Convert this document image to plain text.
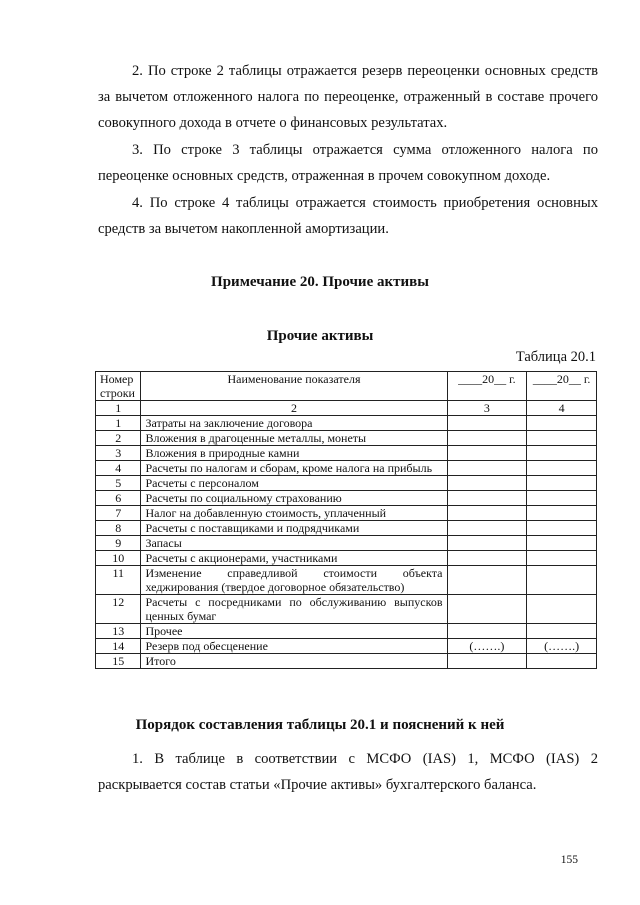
2. По строке 2 таблицы отражается резерв переоценки основных средств за вычетом отложенного налога по переоценке, отраженный в составе прочего совокупного дохода в отчете о финансовых результатах.

3. По строке 3 таблицы отражается сумма отложенного налога по переоценке основных средств, отраженная в прочем совокупном доходе.

4. По строке 4 таблицы отражается стоимость приобретения основных средств за вычетом накопленной амортизации.

Примечание 20. Прочие активы
Прочие активы
Таблица 20.1
Номер строки	Наименование показателя	____20__ г.	____20__ г.
1	2	3	4
1	Затраты на заключение договора		
2	Вложения в драгоценные металлы, монеты		
3	Вложения в природные камни		
4	Расчеты по налогам и сборам, кроме налога на прибыль		
5	Расчеты с персоналом		
6	Расчеты по социальному страхованию		
7	Налог на добавленную стоимость, уплаченный		
8	Расчеты с поставщиками и подрядчиками		
9	Запасы		
10	Расчеты с акционерами, участниками		
11	Изменение справедливой стоимости объекта хеджирования (твердое договорное обязательство)		
12	Расчеты с посредниками по обслуживанию выпусков ценных бумаг		
13	Прочее		
14	Резерв под обесценение	(…….)	(…….)
15	Итого		
Порядок составления таблицы 20.1 и пояснений к ней

1. В таблице в соответствии с МСФО (IAS) 1, МСФО (IAS) 2 раскрывается состав статьи «Прочие активы» бухгалтерского баланса.

155
